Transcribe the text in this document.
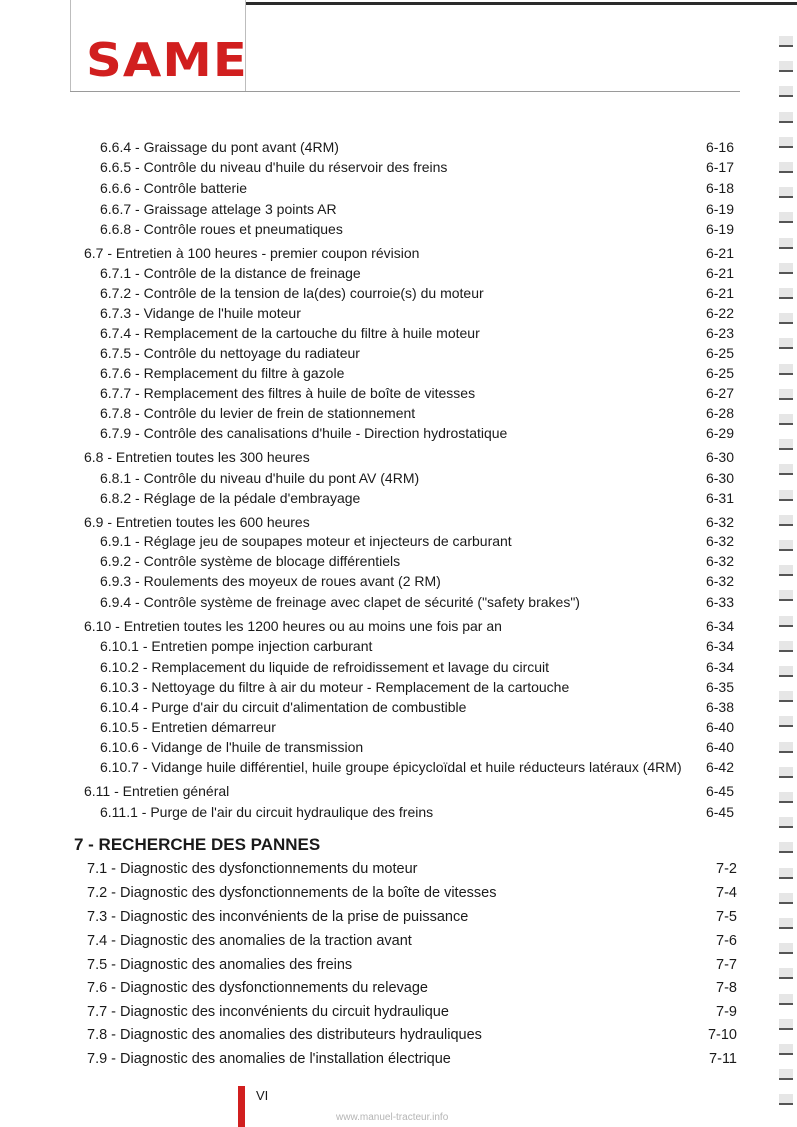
SAME
6.6.4 - Graissage du pont avant (4RM)	6-16
6.6.5 - Contrôle du niveau d'huile du réservoir des freins	6-17
6.6.6 - Contrôle batterie	6-18
6.6.7 - Graissage attelage 3 points AR	6-19
6.6.8 - Contrôle roues et pneumatiques	6-19
6.7 - Entretien à 100 heures - premier coupon révision	6-21
6.7.1 - Contrôle de la distance de freinage	6-21
6.7.2 - Contrôle de la tension de la(des) courroie(s) du moteur	6-21
6.7.3 - Vidange de l'huile moteur	6-22
6.7.4 - Remplacement de la cartouche du filtre à huile moteur	6-23
6.7.5 - Contrôle du nettoyage du radiateur	6-25
6.7.6 - Remplacement du filtre à gazole	6-25
6.7.7 - Remplacement des filtres à huile de boîte de vitesses	6-27
6.7.8 - Contrôle du levier de frein de stationnement	6-28
6.7.9 - Contrôle des canalisations d'huile - Direction hydrostatique	6-29
6.8 - Entretien toutes les 300 heures	6-30
6.8.1 - Contrôle du niveau d'huile du pont AV (4RM)	6-30
6.8.2 - Réglage de la pédale d'embrayage	6-31
6.9 - Entretien toutes les 600 heures	6-32
6.9.1 - Réglage jeu de soupapes moteur et injecteurs de carburant	6-32
6.9.2 - Contrôle système de blocage différentiels	6-32
6.9.3 - Roulements des moyeux de roues avant (2 RM)	6-32
6.9.4 - Contrôle système de freinage avec clapet de sécurité ("safety brakes")	6-33
6.10 - Entretien toutes les 1200 heures ou au moins une fois par an	6-34
6.10.1 - Entretien pompe injection carburant	6-34
6.10.2 - Remplacement du liquide de refroidissement et lavage du circuit	6-34
6.10.3 - Nettoyage du filtre à air du moteur - Remplacement de la cartouche	6-35
6.10.4 - Purge d'air du circuit d'alimentation de combustible	6-38
6.10.5 - Entretien démarreur	6-40
6.10.6 - Vidange de l'huile de transmission	6-40
6.10.7 - Vidange huile différentiel, huile groupe épicycloïdal et huile réducteurs latéraux (4RM) 6-42
6.11 - Entretien général	6-45
6.11.1 - Purge de l'air du circuit hydraulique des freins	6-45
7 - RECHERCHE DES PANNES
7.1 - Diagnostic des dysfonctionnements du moteur	7-2
7.2 - Diagnostic des dysfonctionnements de la boîte de vitesses	7-4
7.3 - Diagnostic des inconvénients de la prise de puissance	7-5
7.4 - Diagnostic des anomalies de la traction avant	7-6
7.5 - Diagnostic des anomalies des freins	7-7
7.6 - Diagnostic des dysfonctionnements du relevage	7-8
7.7 - Diagnostic des inconvénients du circuit hydraulique	7-9
7.8 - Diagnostic des anomalies des distributeurs hydrauliques	7-10
7.9 - Diagnostic des anomalies de l'installation électrique	7-11
VI
www.manuel-tracteur.info
